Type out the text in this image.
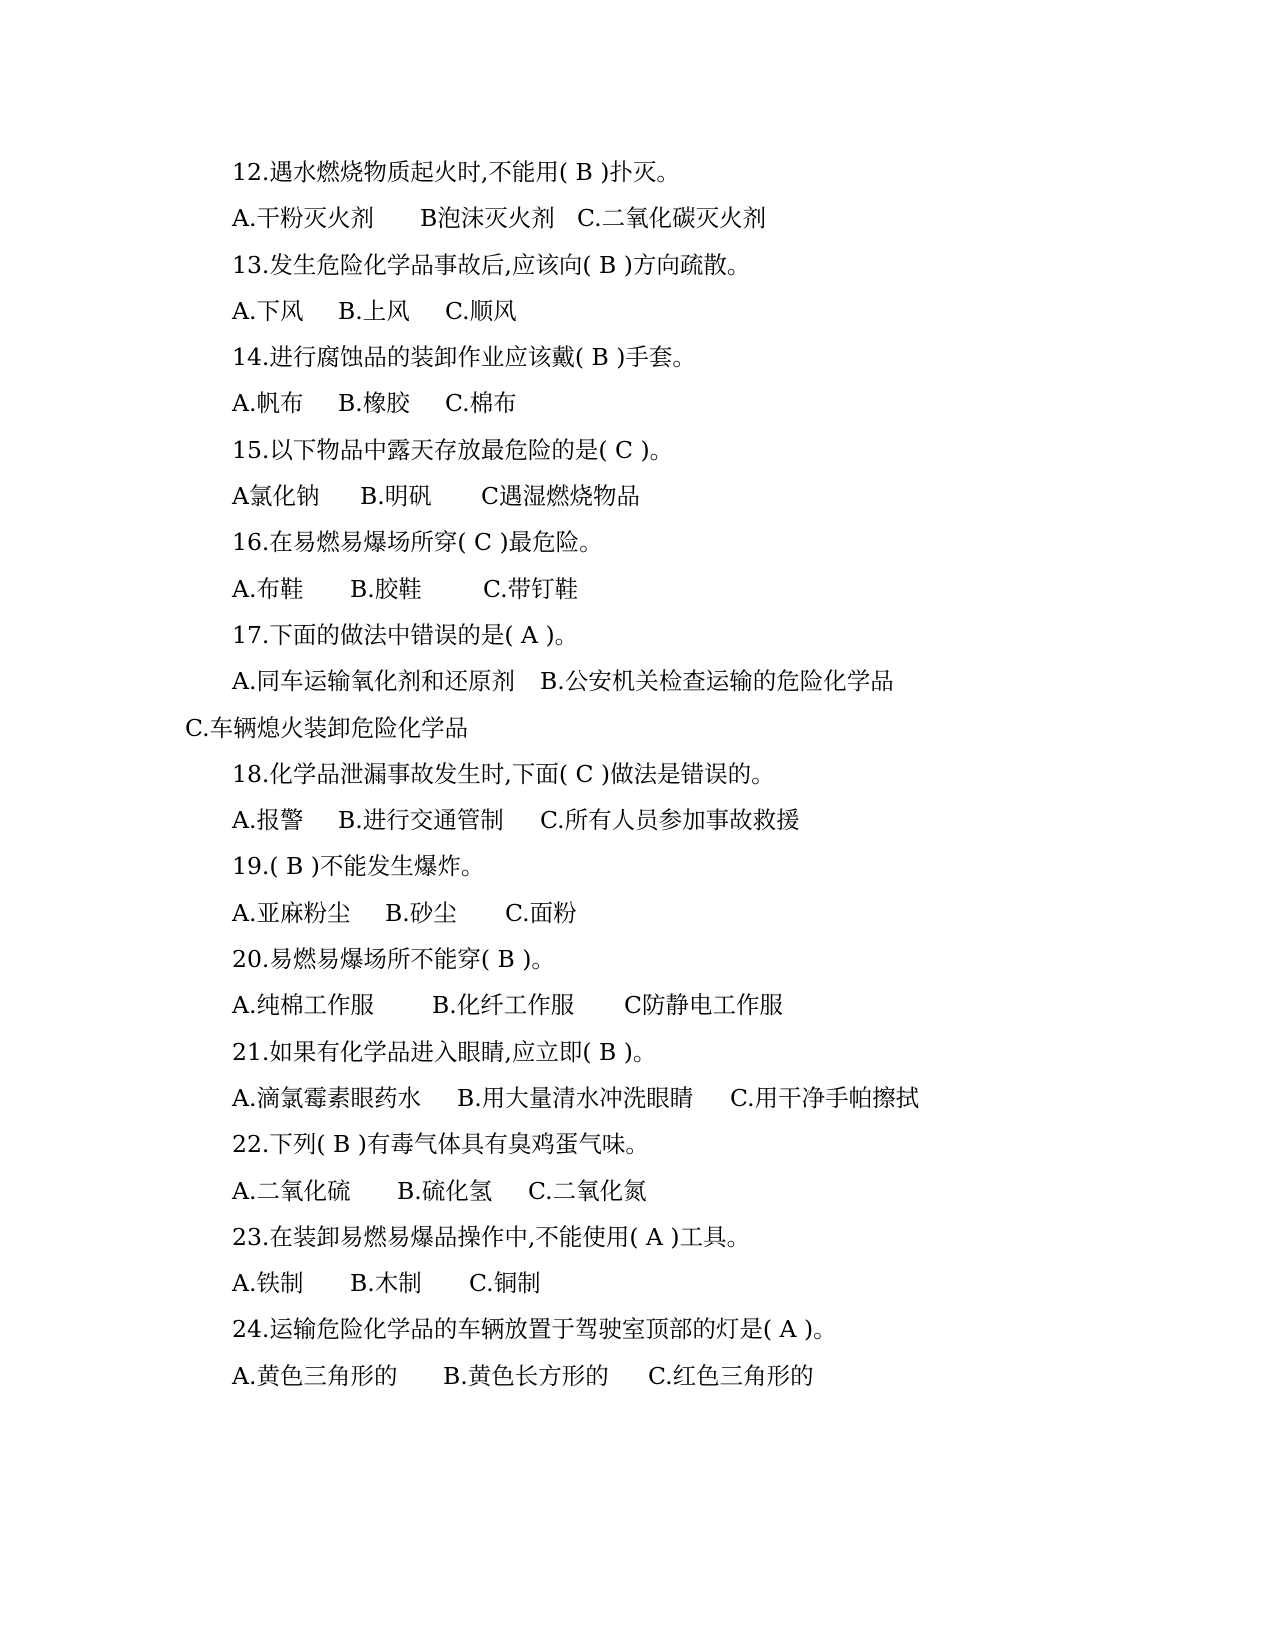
12.遇水燃烧物质起火时,不能用( B )扑灭。
A.干粉灭火剂 B泡沫灭火剂 C.二氧化碳灭火剂
13.发生危险化学品事故后,应该向( B )方向疏散。
A.下风 B.上风 C.顺风
14.进行腐蚀品的装卸作业应该戴( B )手套。
A.帆布 B.橡胶 C.棉布
15.以下物品中露天存放最危险的是( C )。
A氯化钠 B.明矾 C遇湿燃烧物品
16.在易燃易爆场所穿( C )最危险。
A.布鞋 B.胶鞋	C.带钉鞋
17.下面的做法中错误的是( A )。
A.同车运输氧化剂和还原剂 B.公安机关检查运输的危险化学品C.车辆熄火装卸危险化学品
18.化学品泄漏事故发生时,下面( C )做法是错误的。
A.报警 B.进行交通管制 C.所有人员参加事故救援
19.( B )不能发生爆炸。
A.亚麻粉尘 B.砂尘 C.面粉
20.易燃易爆场所不能穿( B )。
A.纯棉工作服 B.化纤工作服 C防静电工作服
21.如果有化学品进入眼睛,应立即( B )。
A.滴氯霉素眼药水 B.用大量清水冲洗眼睛 C.用干净手帕擦拭
22.下列( B )有毒气体具有臭鸡蛋气味。
A.二氧化硫 B.硫化氢 C.二氧化氮
23.在装卸易燃易爆品操作中,不能使用( A )工具。
A.铁制 B.木制 C.铜制
24.运输危险化学品的车辆放置于驾驶室顶部的灯是( A )。
A.黄色三角形的 B.黄色长方形的 C.红色三角形的
